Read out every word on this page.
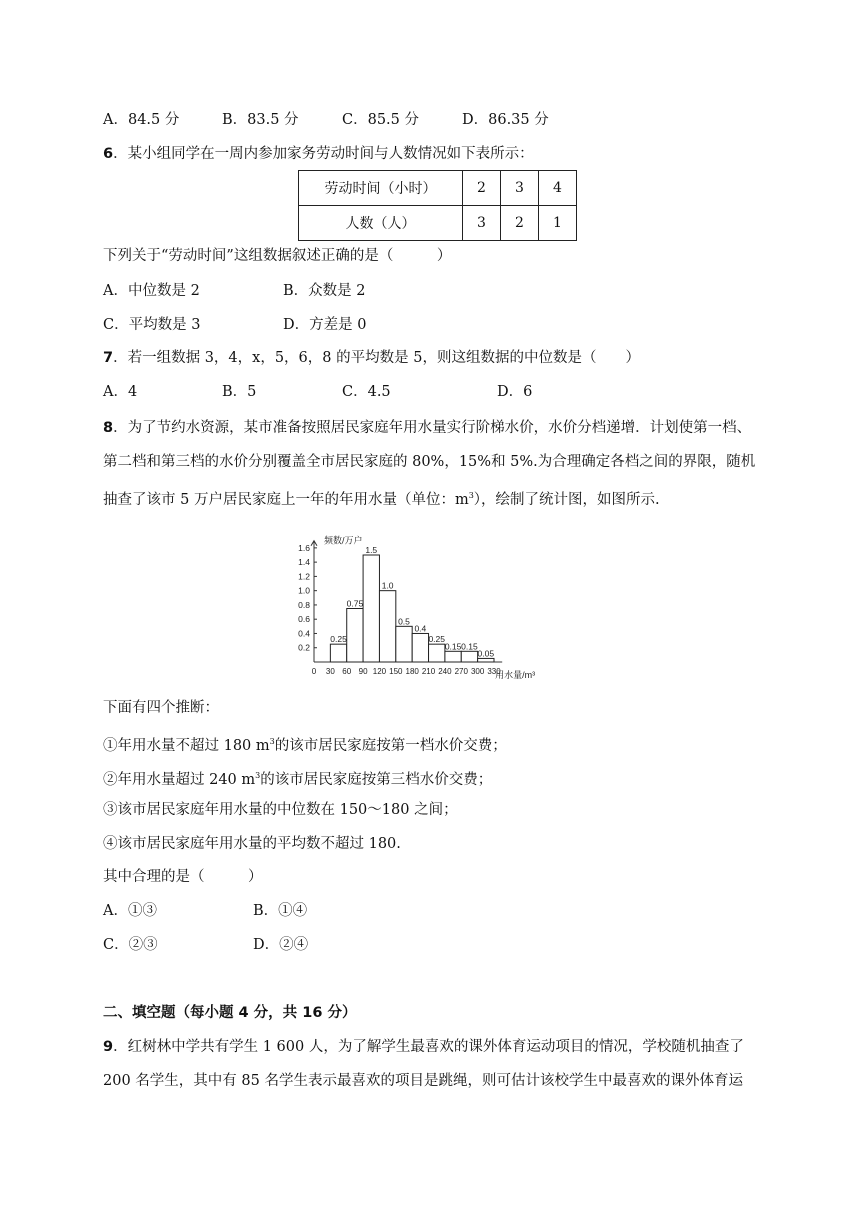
A．84.5 分	B．83.5 分	C．85.5 分	D．86.35 分
6．某小组同学在一周内参加家务劳动时间与人数情况如下表所示：
劳动时间（小时）	2	3	4
人数（人）	3	2	1
下列关于“劳动时间”这组数据叙述正确的是（　　　）
A．中位数是 2	B．众数是 2
C．平均数是 3	D．方差是 0
7．若一组数据 3，4，x，5，6，8 的平均数是 5，则这组数据的中位数是（　　）
A．4	B．5	C．4.5	D．6
8．为了节约水资源，某市准备按照居民家庭年用水量实行阶梯水价，水价分档递增．计划使第一档、
第二档和第三档的水价分别覆盖全市居民家庭的 80%，15%和 5%.为合理确定各档之间的界限，随机
抽查了该市 5 万户居民家庭上一年的年用水量（单位：$m^3$），绘制了统计图，如图所示.
0.2
0.4
0.6
0.8
1.0
1.2
1.4
1.6
0 30 60 90 120 150 180 210 240 270 300 330
频数/万户
用水量/m³
0.25
0.75
1.5
1.0
0.5
0.4
0.25
0.15 0.15
0.05
下面有四个推断：
①年用水量不超过 180 $m^3$的该市居民家庭按第一档水价交费；
②年用水量超过 240 $m^3$的该市居民家庭按第三档水价交费；
③该市居民家庭年用水量的中位数在 150～180 之间；
④该市居民家庭年用水量的平均数不超过 180.
其中合理的是（　　　）
A．①③	B．①④
C．②③	D．②④
二、填空题（每小题 4 分，共 16 分）
9．红树林中学共有学生 1 600 人，为了解学生最喜欢的课外体育运动项目的情况，学校随机抽查了
200 名学生，其中有 85 名学生表示最喜欢的项目是跳绳，则可估计该校学生中最喜欢的课外体育运
